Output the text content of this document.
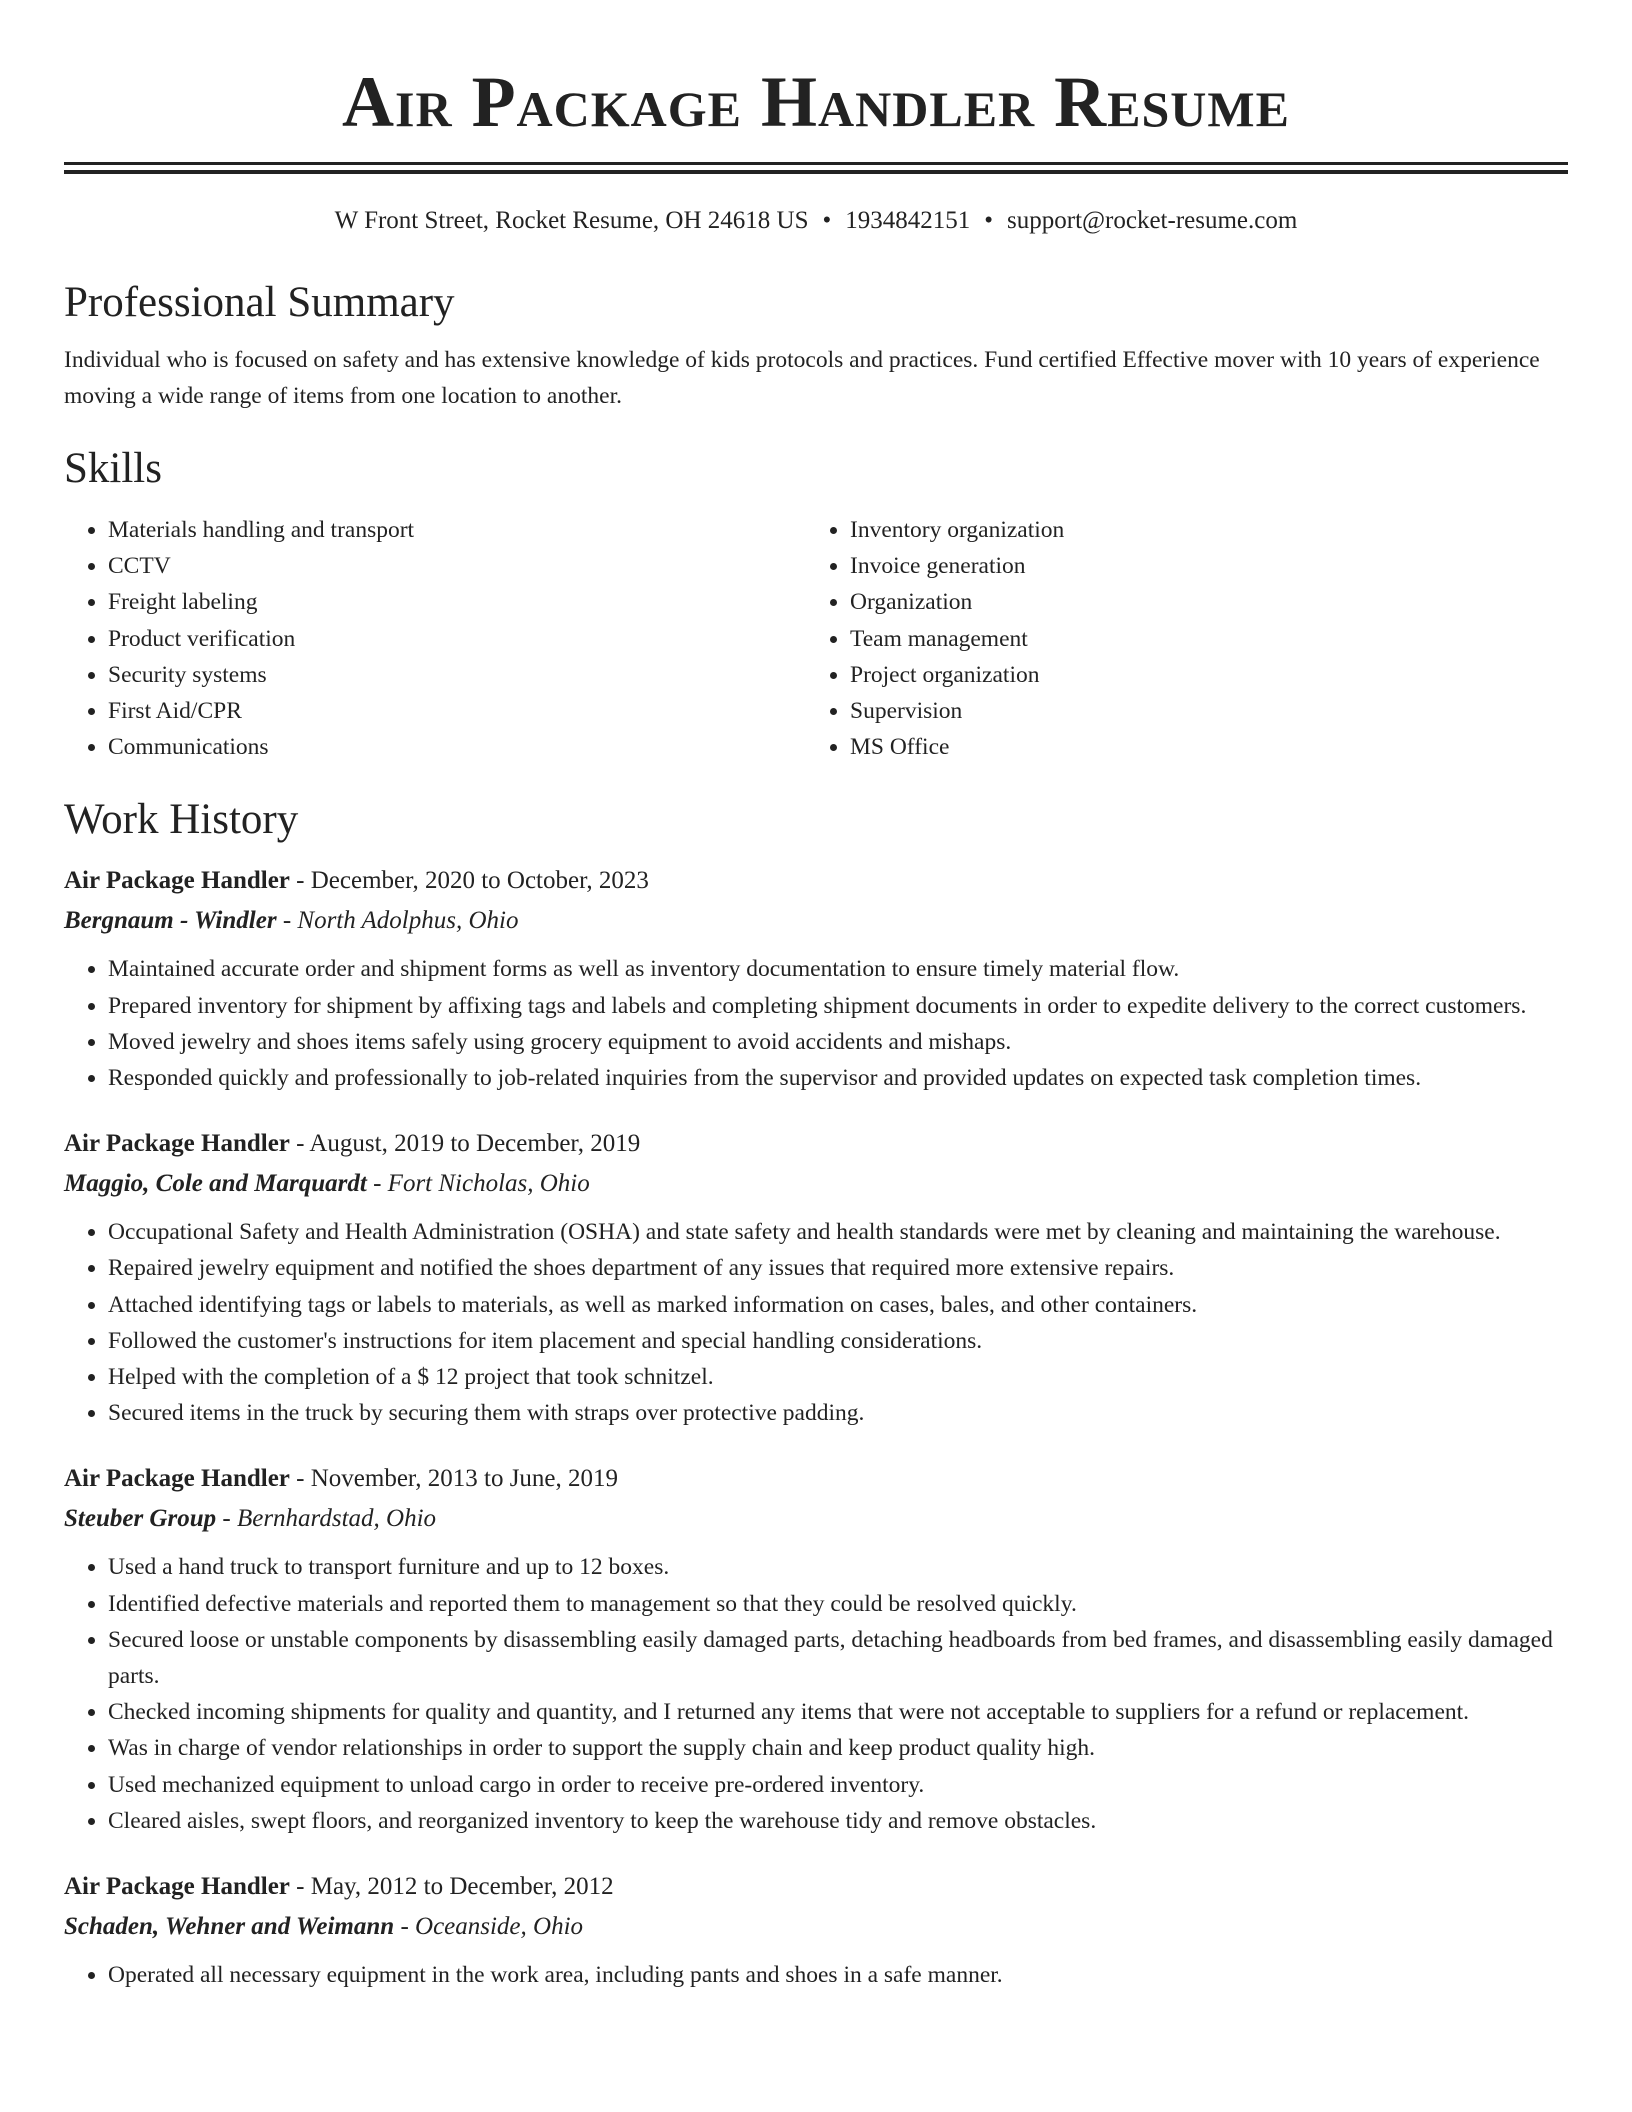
Air Package Handler Resume
W Front Street, Rocket Resume, OH 24618 US • 1934842151 • support@rocket-resume.com
Professional Summary
Individual who is focused on safety and has extensive knowledge of kids protocols and practices. Fund certified Effective mover with 10 years of experience moving a wide range of items from one location to another.
Skills
• Materials handling and transport
• CCTV
• Freight labeling
• Product verification
• Security systems
• First Aid/CPR
• Communications
• Inventory organization
• Invoice generation
• Organization
• Team management
• Project organization
• Supervision
• MS Office
Work History
Air Package Handler - December, 2020 to October, 2023
Bergnaum - Windler - North Adolphus, Ohio
• Maintained accurate order and shipment forms as well as inventory documentation to ensure timely material flow.
• Prepared inventory for shipment by affixing tags and labels and completing shipment documents in order to expedite delivery to the correct customers.
• Moved jewelry and shoes items safely using grocery equipment to avoid accidents and mishaps.
• Responded quickly and professionally to job-related inquiries from the supervisor and provided updates on expected task completion times.
Air Package Handler - August, 2019 to December, 2019
Maggio, Cole and Marquardt - Fort Nicholas, Ohio
• Occupational Safety and Health Administration (OSHA) and state safety and health standards were met by cleaning and maintaining the warehouse.
• Repaired jewelry equipment and notified the shoes department of any issues that required more extensive repairs.
• Attached identifying tags or labels to materials, as well as marked information on cases, bales, and other containers.
• Followed the customer's instructions for item placement and special handling considerations.
• Helped with the completion of a $ 12 project that took schnitzel.
• Secured items in the truck by securing them with straps over protective padding.
Air Package Handler - November, 2013 to June, 2019
Steuber Group - Bernhardstad, Ohio
• Used a hand truck to transport furniture and up to 12 boxes.
• Identified defective materials and reported them to management so that they could be resolved quickly.
• Secured loose or unstable components by disassembling easily damaged parts, detaching headboards from bed frames, and disassembling easily damaged parts.
• Checked incoming shipments for quality and quantity, and I returned any items that were not acceptable to suppliers for a refund or replacement.
• Was in charge of vendor relationships in order to support the supply chain and keep product quality high.
• Used mechanized equipment to unload cargo in order to receive pre-ordered inventory.
• Cleared aisles, swept floors, and reorganized inventory to keep the warehouse tidy and remove obstacles.
Air Package Handler - May, 2012 to December, 2012
Schaden, Wehner and Weimann - Oceanside, Ohio
• Operated all necessary equipment in the work area, including pants and shoes in a safe manner.
